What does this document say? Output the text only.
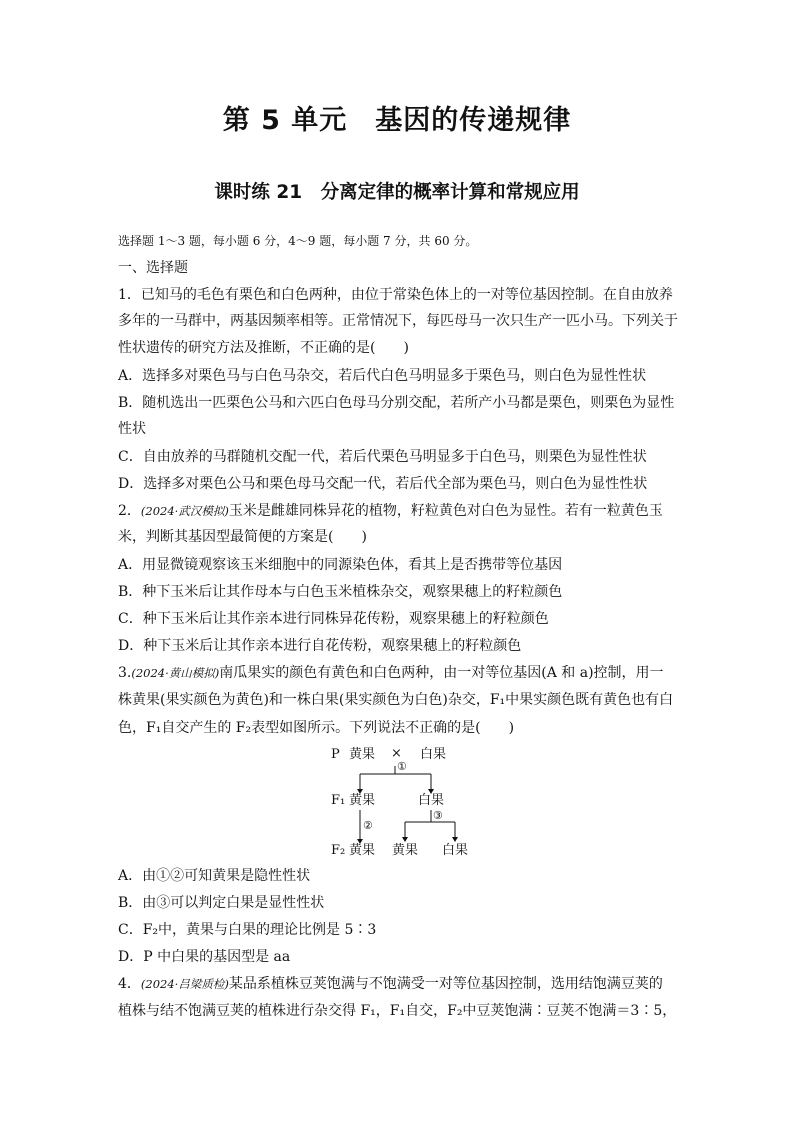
第 5 单元　基因的传递规律
课时练 21　分离定律的概率计算和常规应用
选择题 1～3 题，每小题 6 分，4～9 题，每小题 7 分，共 60 分。
一、选择题
1．已知马的毛色有栗色和白色两种，由位于常染色体上的一对等位基因控制。在自由放养
多年的一马群中，两基因频率相等。正常情况下，每匹母马一次只生产一匹小马。下列关于
性状遗传的研究方法及推断，不正确的是(　　)
A．选择多对栗色马与白色马杂交，若后代白色马明显多于栗色马，则白色为显性性状
B．随机选出一匹栗色公马和六匹白色母马分别交配，若所产小马都是栗色，则栗色为显性
性状
C．自由放养的马群随机交配一代，若后代栗色马明显多于白色马，则栗色为显性性状
D．选择多对栗色公马和栗色母马交配一代，若后代全部为栗色马，则白色为显性性状
2．(2024·武汉模拟)玉米是雌雄同株异花的植物，籽粒黄色对白色为显性。若有一粒黄色玉
米，判断其基因型最简便的方案是(　　)
A．用显微镜观察该玉米细胞中的同源染色体，看其上是否携带等位基因
B．种下玉米后让其作母本与白色玉米植株杂交，观察果穗上的籽粒颜色
C．种下玉米后让其作亲本进行同株异花传粉，观察果穗上的籽粒颜色
D．种下玉米后让其作亲本进行自花传粉，观察果穗上的籽粒颜色
3.(2024·黄山模拟)南瓜果实的颜色有黄色和白色两种，由一对等位基因(A 和 a)控制，用一
株黄果(果实颜色为黄色)和一株白果(果实颜色为白色)杂交，F₁中果实颜色既有黄色也有白
色，F₁自交产生的 F₂表型如图所示。下列说法不正确的是(　　)
P 黄果 × 白果
①
F₁ 黄果	白果
②
③
F₂ 黄果 黄果 白果
A．由①②可知黄果是隐性性状
B．由③可以判定白果是显性性状
C．F₂中，黄果与白果的理论比例是 5∶3
D．P 中白果的基因型是 aa
4．(2024·吕梁质检)某品系植株豆荚饱满与不饱满受一对等位基因控制，选用结饱满豆荚的
植株与结不饱满豆荚的植株进行杂交得 F₁，F₁自交，F₂中豆荚饱满∶豆荚不饱满＝3∶5，
